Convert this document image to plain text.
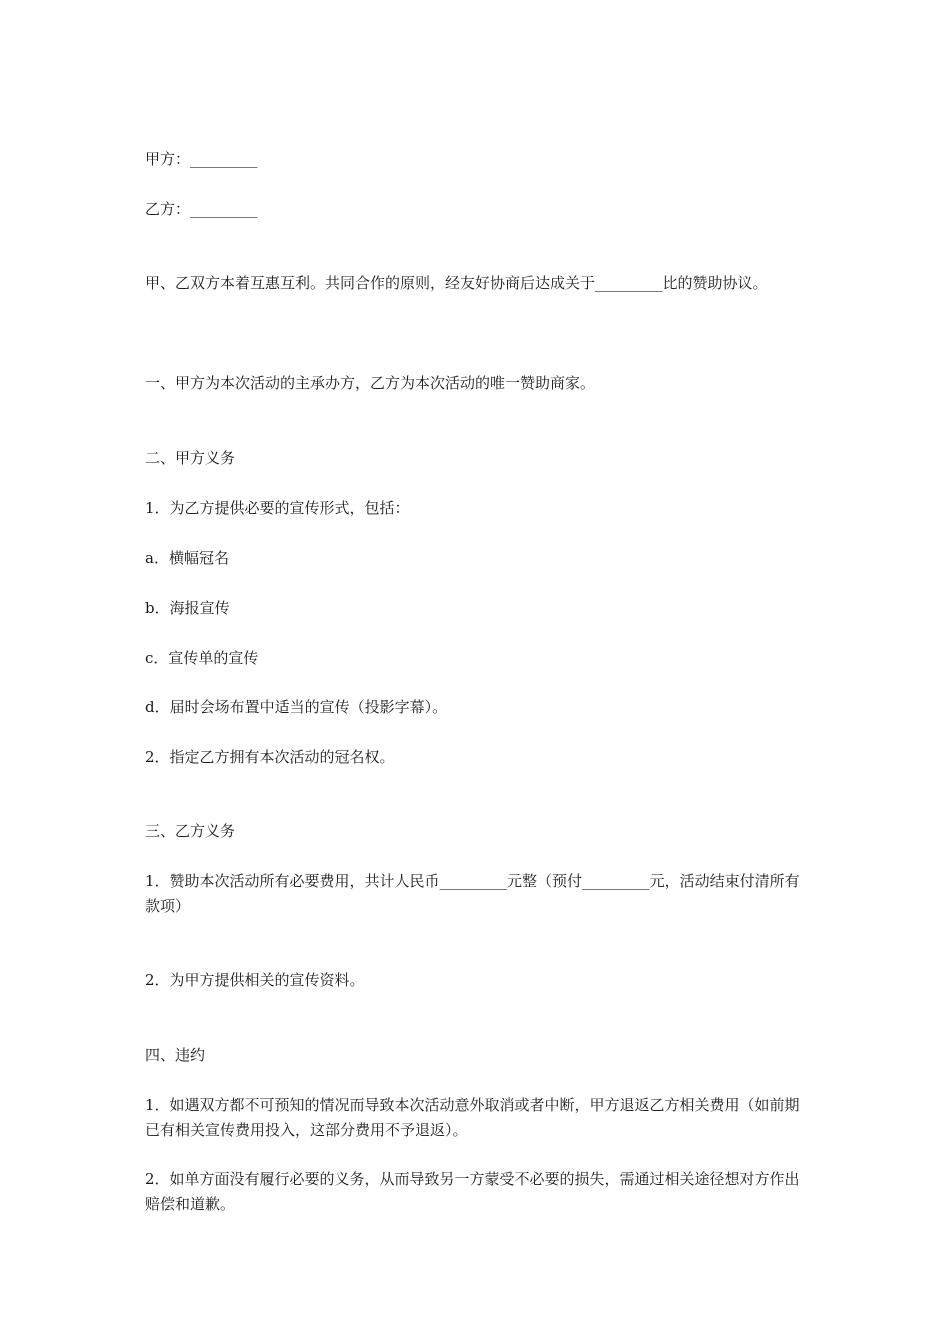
甲方：_________
乙方：_________
甲、乙双方本着互惠互利。共同合作的原则，经友好协商后达成关于_________比的赞助协议。
一、甲方为本次活动的主承办方，乙方为本次活动的唯一赞助商家。
二、甲方义务
1．为乙方提供必要的宣传形式，包括：
a．横幅冠名
b．海报宣传
c．宣传单的宣传
d．届时会场布置中适当的宣传（投影字幕）。
2．指定乙方拥有本次活动的冠名权。
三、乙方义务
1．赞助本次活动所有必要费用，共计人民币_________元整（预付_________元，活动结束付清所有款项）
2．为甲方提供相关的宣传资料。
四、违约
1．如遇双方都不可预知的情况而导致本次活动意外取消或者中断，甲方退返乙方相关费用（如前期已有相关宣传费用投入，这部分费用不予退返）。
2．如单方面没有履行必要的义务，从而导致另一方蒙受不必要的损失，需通过相关途径想对方作出赔偿和道歉。
